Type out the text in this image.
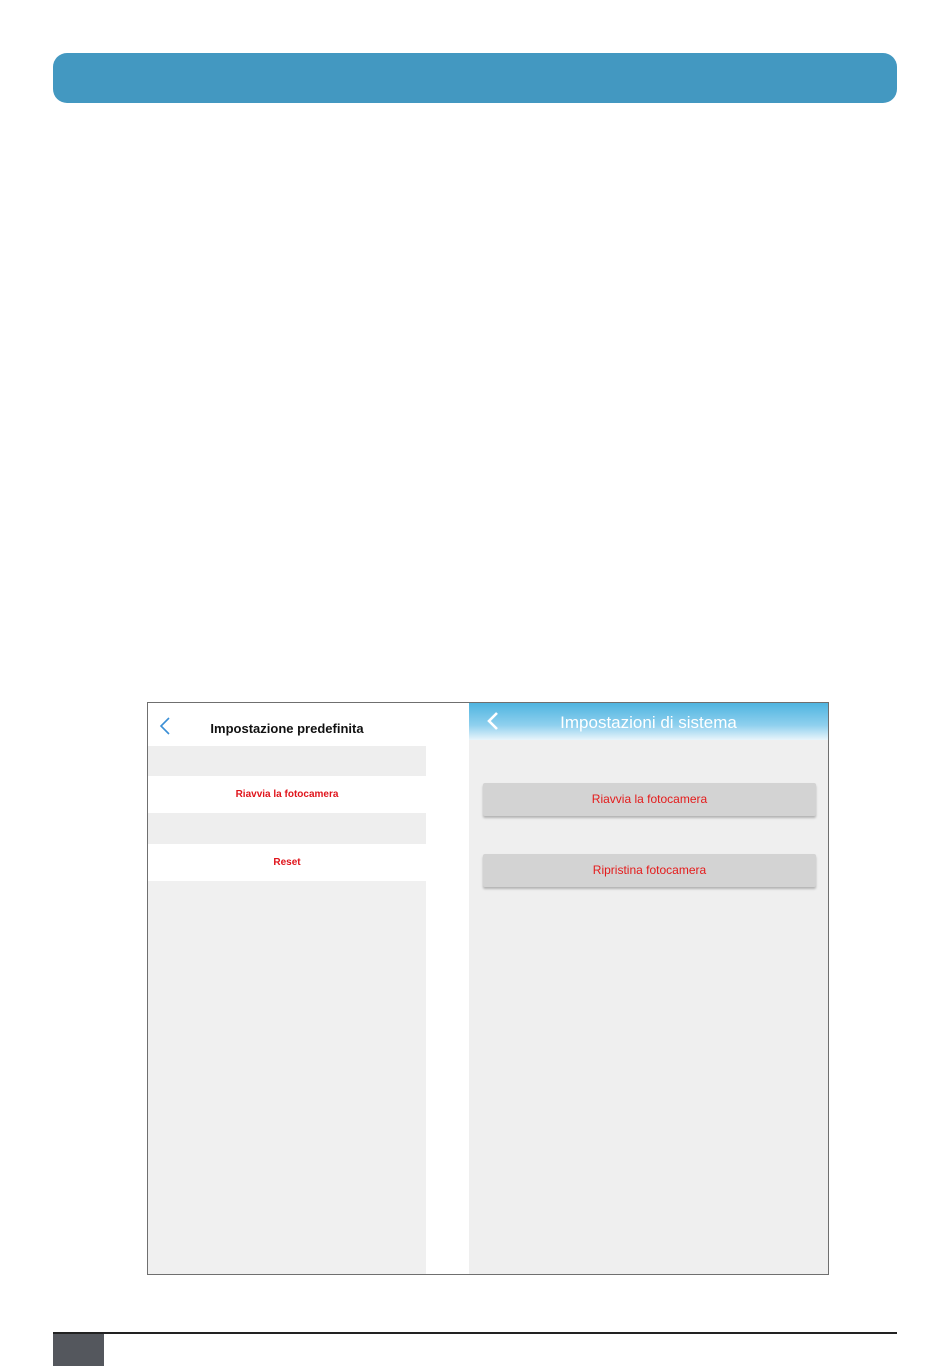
Impostazione predefinita
Riavvia la fotocamera
Reset
Impostazioni di sistema
Riavvia la fotocamera
Ripristina fotocamera
